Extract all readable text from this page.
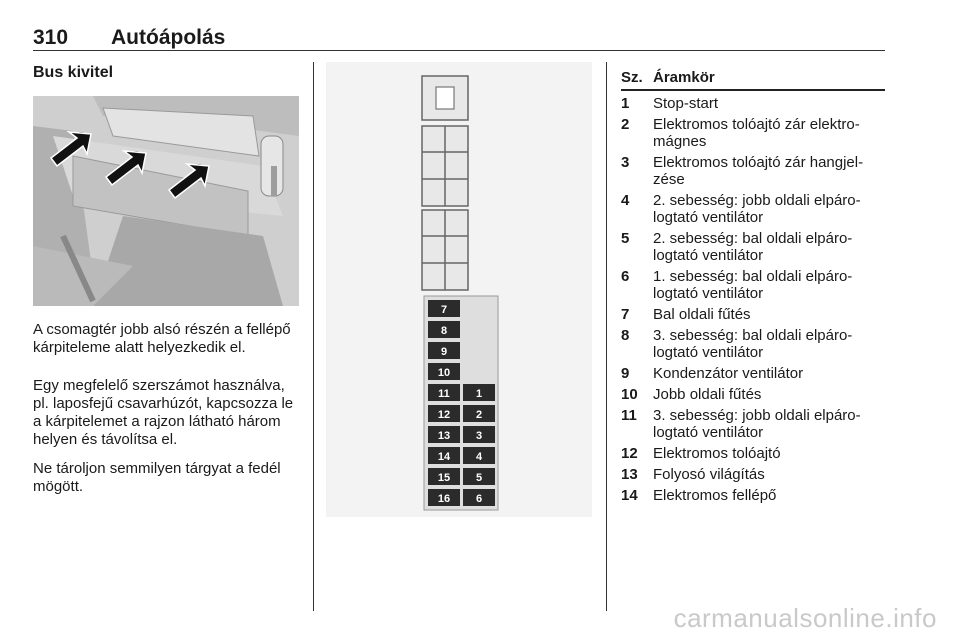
310 Autóápolás
Bus kivitel

A csomagtér jobb alsó részén a fellépő kárpiteleme alatt helyezkedik el.

Egy megfelelő szerszámot használva, pl. laposfejű csavarhúzót, kapcsozza le a kárpitelemet a rajzon látható három helyen és távolítsa el.

Ne tároljon semmilyen tárgyat a fedél mögött.

7
8
9
10
11
12
13
14
15
16
1
2
3
4
5
6
Sz. Áramkör
1	Stop-start
2	Elektromos tolóajtó zár elektro-mágnes
3	Elektromos tolóajtó zár hangjel-zése
4	2. sebesség: jobb oldali elpáro-logtató ventilátor
5	2. sebesség: bal oldali elpáro-logtató ventilátor
6	1. sebesség: bal oldali elpáro-logtató ventilátor
7	Bal oldali fűtés
8	3. sebesség: bal oldali elpáro-logtató ventilátor
9	Kondenzátor ventilátor
10	Jobb oldali fűtés
11	3. sebesség: jobb oldali elpáro-logtató ventilátor
12	Elektromos tolóajtó
13	Folyosó világítás
14	Elektromos fellépő
carmanualsonline.info
